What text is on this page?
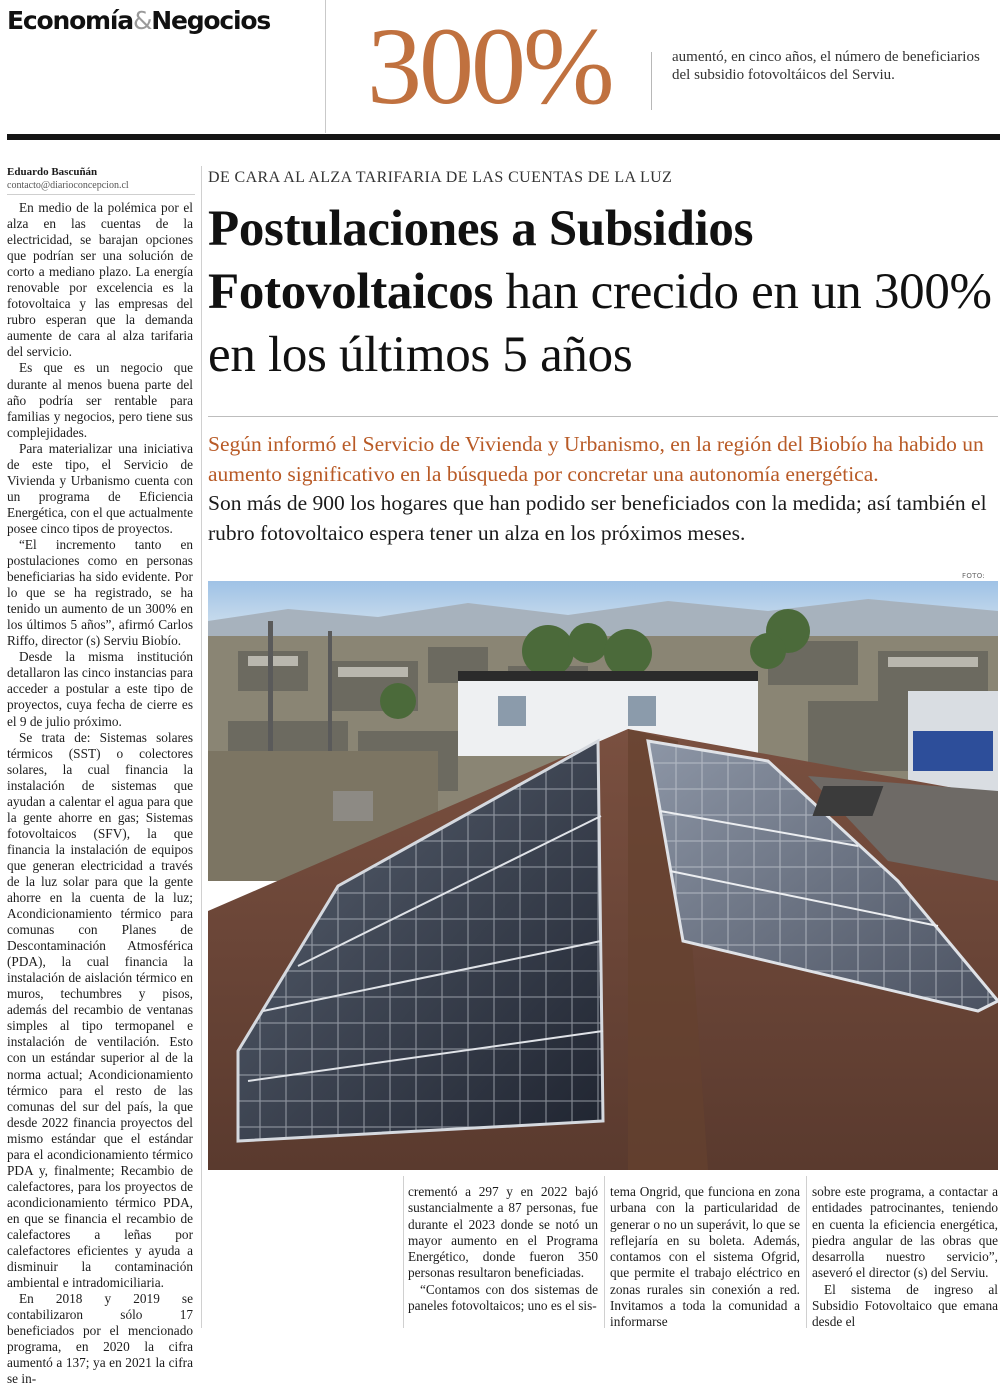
Economía&Negocios 300%	aumentó, en cinco años, el número de beneficiarios del subsidio fotovoltáicos del Serviu.
Eduardo Bascuñán
contacto@diarioconcepcion.cl

En medio de la polémica por el alza en las cuentas de la electricidad, se barajan opciones que podrían ser una solución de corto a mediano plazo. La energía renovable por excelencia es la fotovoltaica y las empresas del rubro esperan que la demanda aumente de cara al alza tarifaria del servicio.

Es que es un negocio que durante al menos buena parte del año podría ser rentable para familias y negocios, pero tiene sus complejidades.

Para materializar una iniciativa de este tipo, el Servicio de Vivienda y Urbanismo cuenta con un programa de Eficiencia Energética, con el que actualmente posee cinco tipos de proyectos.

“El incremento tanto en postulaciones como en personas beneficiarias ha sido evidente. Por lo que se ha registrado, se ha tenido un aumento de un 300% en los últimos 5 años”, afirmó Carlos Riffo, director (s) Serviu Biobío.

Desde la misma institución detallaron las cinco instancias para acceder a postular a este tipo de proyectos, cuya fecha de cierre es el 9 de julio próximo.

Se trata de: Sistemas solares térmicos (SST) o colectores solares, la cual financia la instalación de sistemas que ayudan a calentar el agua para que la gente ahorre en gas; Sistemas fotovoltaicos (SFV), la que financia la instalación de equipos que generan electricidad a través de la luz solar para que la gente ahorre en la cuenta de la luz; Acondicionamiento térmico para comunas con Planes de Descontaminación Atmosférica (PDA), la cual financia la instalación de aislación térmico en muros, techumbres y pisos, además del recambio de ventanas simples al tipo termopanel e instalación de ventilación. Esto con un estándar superior al de la norma actual; Acondicionamiento térmico para el resto de las comunas del sur del país, la que desde 2022 financia proyectos del mismo estándar que el estándar para el acondicionamiento térmico PDA y, finalmente; Recambio de calefactores, para los proyectos de acondicionamiento térmico PDA, en que se financia el recambio de calefactores a leñas por calefactores eficientes y ayuda a disminuir la contaminación ambiental e intradomiciliaria.

En 2018 y 2019 se contabilizaron sólo 17 beneficiados por el mencionado programa, en 2020 la cifra aumentó a 137; ya en 2021 la cifra se in-

DE CARA AL ALZA TARIFARIA DE LAS CUENTAS DE LA LUZ
Postulaciones a Subsidios Fotovoltaicos han crecido en un 300% en los últimos 5 años
Según informó el Servicio de Vivienda y Urbanismo, en la región del Biobío ha habido un aumento significativo en la búsqueda por concretar una autonomía energética.
Son más de 900 los hogares que han podido ser beneficiados con la medida; así también el rubro fotovoltaico espera tener un alza en los próximos meses.
FOTO:

crementó a 297 y en 2022 bajó sustancialmente a 87 personas, fue durante el 2023 donde se notó un mayor aumento en el Programa Energético, donde fueron 350 personas resultaron beneficiadas.

“Contamos con dos sistemas de paneles fotovoltaicos; uno es el sis-

tema Ongrid, que funciona en zona urbana con la particularidad de generar o no un superávit, lo que se reflejaría en su boleta. Además, contamos con el sistema Ofgrid, que permite el trabajo eléctrico en zonas rurales sin conexión a red. Invitamos a toda la comunidad a informarse

sobre este programa, a contactar a entidades patrocinantes, teniendo en cuenta la eficiencia energética, piedra angular de las obras que desarrolla nuestro servicio”, aseveró el director (s) del Serviu.

El sistema de ingreso al Subsidio Fotovoltaico que emana desde el
